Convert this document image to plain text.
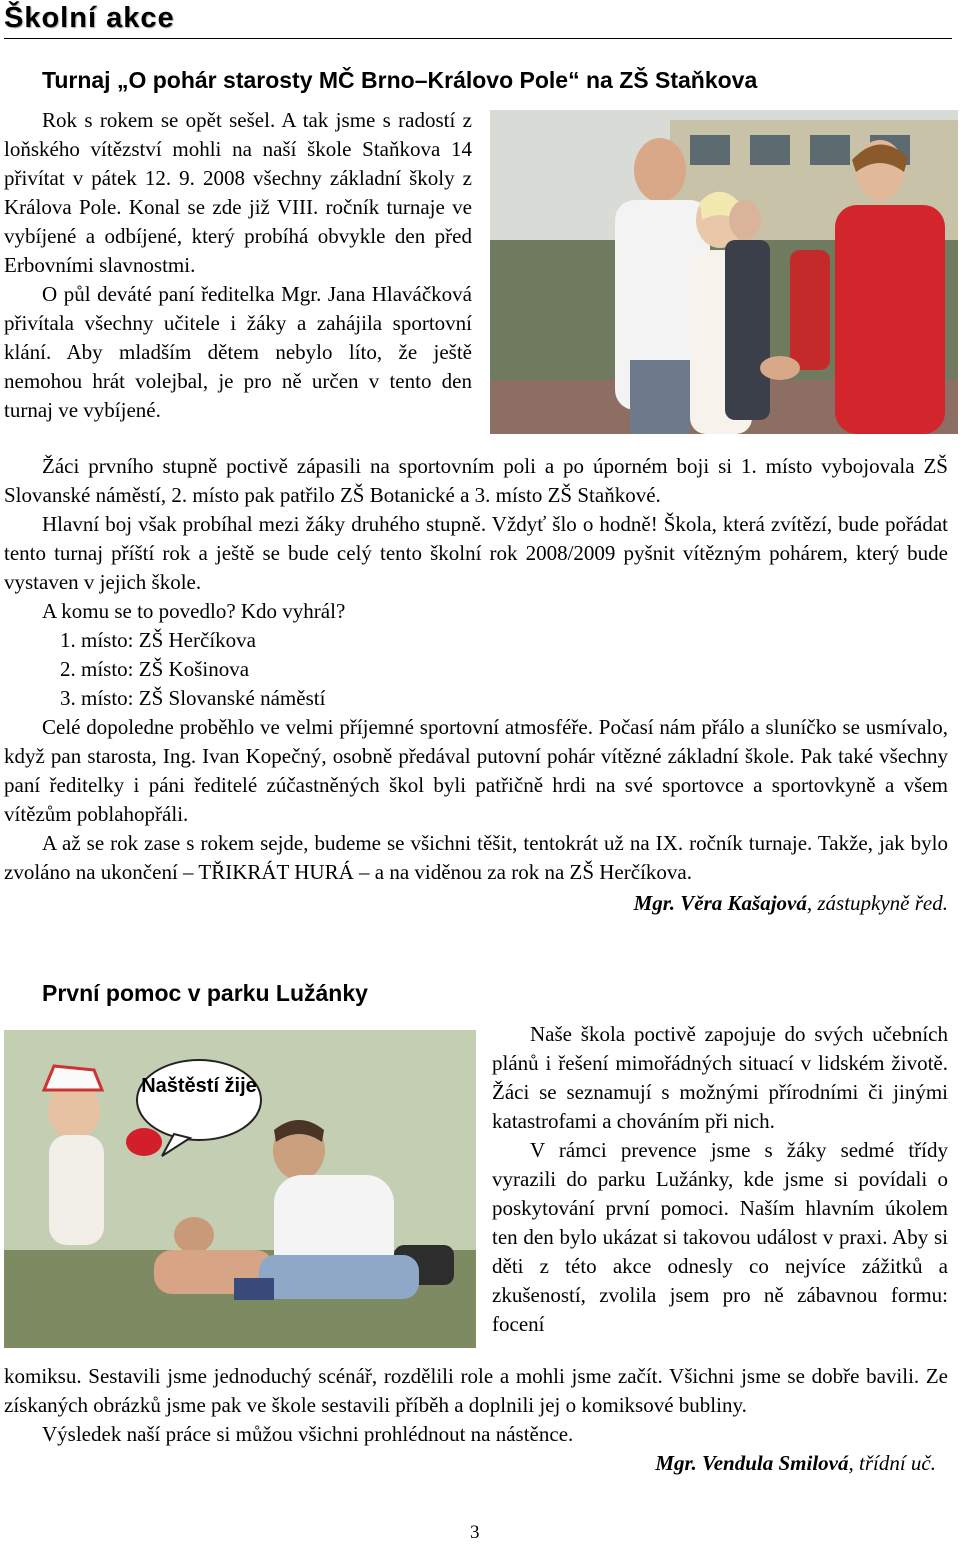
Školní akce
Turnaj „O pohár starosty MČ Brno–Královo Pole“ na ZŠ Staňkova

Rok s rokem se opět sešel. A tak jsme s radostí z loňského vítězství mohli na naší škole Staňkova 14 přivítat v pátek 12. 9. 2008 všechny základní školy z Králova Pole. Konal se zde již VIII. ročník turnaje ve vybíjené a odbíjené, který probíhá obvykle den před Erbovními slavnostmi.

O půl deváté paní ředitelka Mgr. Jana Hlaváčková přivítala všechny učitele i žáky a zahájila sportovní klání. Aby mladším dětem nebylo líto, že ještě nemohou hrát volejbal, je pro ně určen v tento den turnaj ve vybíjené.

Žáci prvního stupně poctivě zápasili na sportovním poli a po úporném boji si 1. místo vybojovala ZŠ Slovanské náměstí, 2. místo pak patřilo ZŠ Botanické a 3. místo ZŠ Staňkové.

Hlavní boj však probíhal mezi žáky druhého stupně. Vždyť šlo o hodně! Škola, která zvítězí, bude pořádat tento turnaj příští rok a ještě se bude celý tento školní rok 2008/2009 pyšnit vítězným pohárem, který bude vystaven v jejich škole.

A komu se to povedlo? Kdo vyhrál?

1. místo: ZŠ Herčíkova
2. místo: ZŠ Košinova
3. místo: ZŠ Slovanské náměstí

Celé dopoledne proběhlo ve velmi příjemné sportovní atmosféře. Počasí nám přálo a sluníčko se usmívalo, když pan starosta, Ing. Ivan Kopečný, osobně předával putovní pohár vítězné základní škole. Pak také všechny paní ředitelky i páni ředitelé zúčastněných škol byli patřičně hrdi na své sportovce a sportovkyně a všem vítězům poblahopřáli.

A až se rok zase s rokem sejde, budeme se všichni těšit, tentokrát už na IX. ročník turnaje. Takže, jak bylo zvoláno na ukončení – TŘIKRÁT HURÁ – a na viděnou za rok na ZŠ Herčíkova.

Mgr. Věra Kašajová, zástupkyně řed.

První pomoc v parku Lužánky
Naštěstí žije

Naše škola poctivě zapojuje do svých učebních plánů i řešení mimořádných situací v lidském životě. Žáci se seznamují s možnými přírodními či jinými katastrofami a chováním při nich.

V rámci prevence jsme s žáky sedmé třídy vyrazili do parku Lužánky, kde jsme si povídali o poskytování první pomoci. Naším hlavním úkolem ten den bylo ukázat si takovou událost v praxi. Aby si děti z této akce odnesly co nejvíce zážitků a zkušeností, zvolila jsem pro ně zábavnou formu: focení

komiksu. Sestavili jsme jednoduchý scénář, rozdělili role a mohli jsme začít. Všichni jsme se dobře bavili. Ze získaných obrázků jsme pak ve škole sestavili příběh a doplnili jej o komiksové bubliny.

Výsledek naší práce si můžou všichni prohlédnout na nástěnce.

Mgr. Vendula Smilová, třídní uč.

3
